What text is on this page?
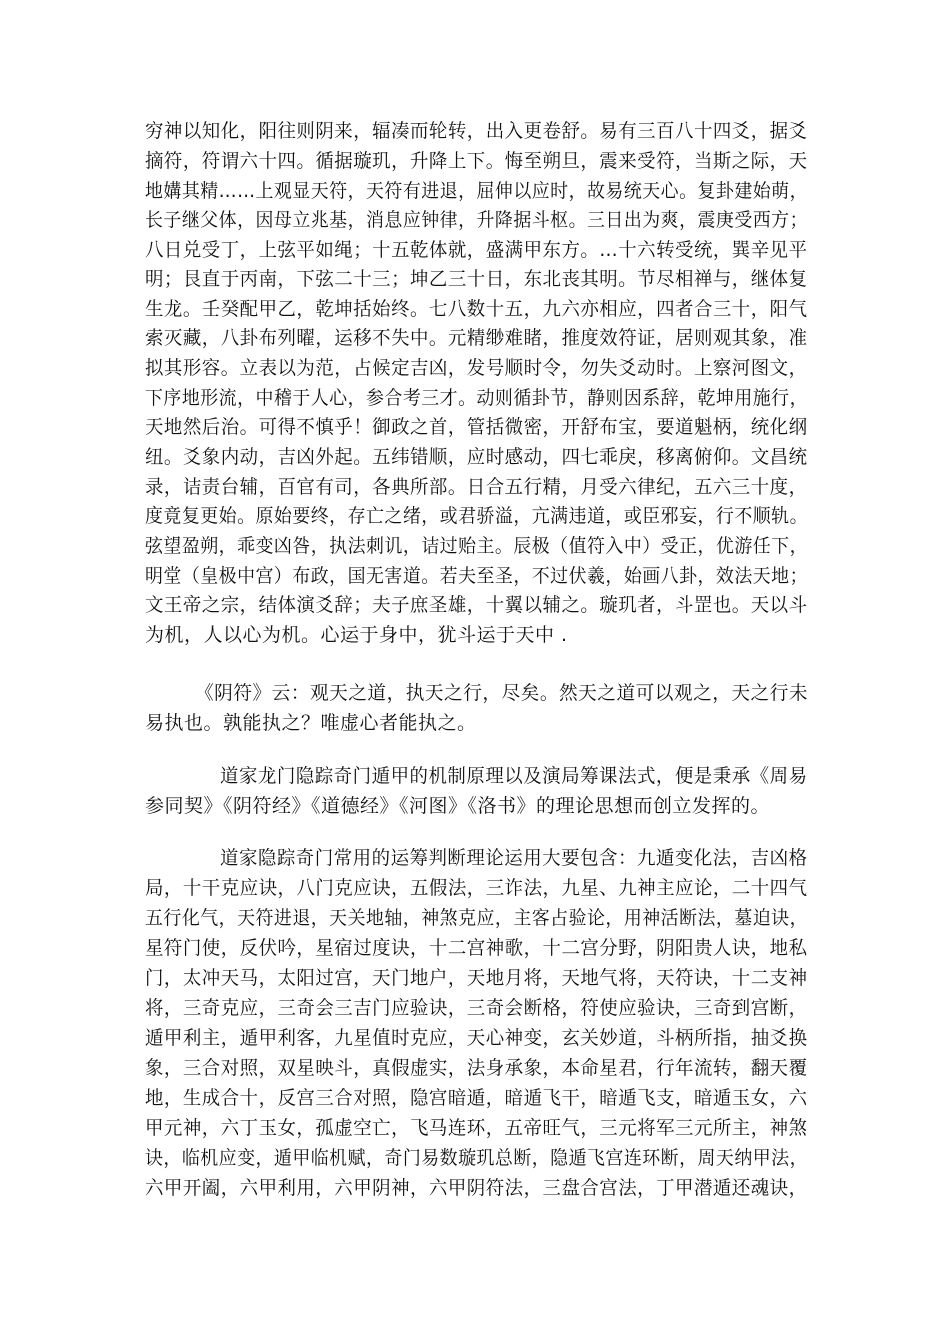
穷神以知化，阳往则阴来，辐凑而轮转，出入更卷舒。易有三百八十四爻，据爻
摘符，符谓六十四。循据璇玑，升降上下。悔至朔旦，震来受符，当斯之际，天
地媾其精……上观显天符，天符有进退，屈伸以应时，故易统天心。复卦建始萌，
长子继父体，因母立兆基，消息应钟律，升降据斗枢。三日出为爽，震庚受西方；
八日兑受丁，上弦平如绳；十五乾体就，盛满甲东方。…十六转受统，巽辛见平
明；艮直于丙南，下弦二十三；坤乙三十日，东北丧其明。节尽相禅与，继体复
生龙。壬癸配甲乙，乾坤括始终。七八数十五，九六亦相应，四者合三十，阳气
索灭藏，八卦布列曜，运移不失中。元精缈难睹，推度效符证，居则观其象，准
拟其形容。立表以为范，占候定吉凶，发号顺时令，勿失爻动时。上察河图文，
下序地形流，中稽于人心，参合考三才。动则循卦节，静则因系辞，乾坤用施行，
天地然后治。可得不慎乎！御政之首，管括微密，开舒布宝，要道魁柄，统化纲
纽。爻象内动，吉凶外起。五纬错顺，应时感动，四七乖戾，移离俯仰。文昌统
录，诘责台辅，百官有司，各典所部。日合五行精，月受六律纪，五六三十度，
度竟复更始。原始要终，存亡之绪，或君骄溢，亢满违道，或臣邪妄，行不顺轨。
弦望盈朔，乖变凶咎，执法刺讥，诘过贻主。辰极（值符入中）受正，优游任下，
明堂（皇极中宫）布政，国无害道。若夫至圣，不过伏羲，始画八卦，效法天地；
文王帝之宗，结体演爻辞；夫子庶圣雄，十翼以辅之。璇玑者，斗罡也。天以斗
为机，人以心为机。心运于身中，犹斗运于天中 .
《阴符》云：观天之道，执天之行，尽矣。然天之道可以观之，天之行未
易执也。孰能执之？唯虚心者能执之。
道家龙门隐踪奇门遁甲的机制原理以及演局筹课法式，便是秉承《周易
参同契》《阴符经》《道德经》《河图》《洛书》的理论思想而创立发挥的。
道家隐踪奇门常用的运筹判断理论运用大要包含：九遁变化法，吉凶格
局，十干克应诀，八门克应诀，五假法，三诈法，九星、九神主应论，二十四气
五行化气，天符进退，天关地轴，神煞克应，主客占验论，用神活断法，墓迫诀，
星符门使，反伏吟，星宿过度诀，十二宫神歌，十二宫分野，阴阳贵人诀，地私
门，太冲天马，太阳过宫，天门地户，天地月将，天地气将，天符诀，十二支神
将，三奇克应，三奇会三吉门应验诀，三奇会断格，符使应验诀，三奇到宫断，
遁甲利主，遁甲利客，九星值时克应，天心神变，玄关妙道，斗柄所指，抽爻换
象，三合对照，双星映斗，真假虚实，法身承象，本命星君，行年流转，翻天覆
地，生成合十，反宫三合对照，隐宫暗遁，暗遁飞干，暗遁飞支，暗遁玉女，六
甲元神，六丁玉女，孤虚空亡，飞马连环，五帝旺气，三元将军三元所主，神煞
诀，临机应变，遁甲临机赋，奇门易数璇玑总断，隐遁飞宫连环断，周天纳甲法，
六甲开阖，六甲利用，六甲阴神，六甲阴符法，三盘合宫法，丁甲潜遁还魂诀，
